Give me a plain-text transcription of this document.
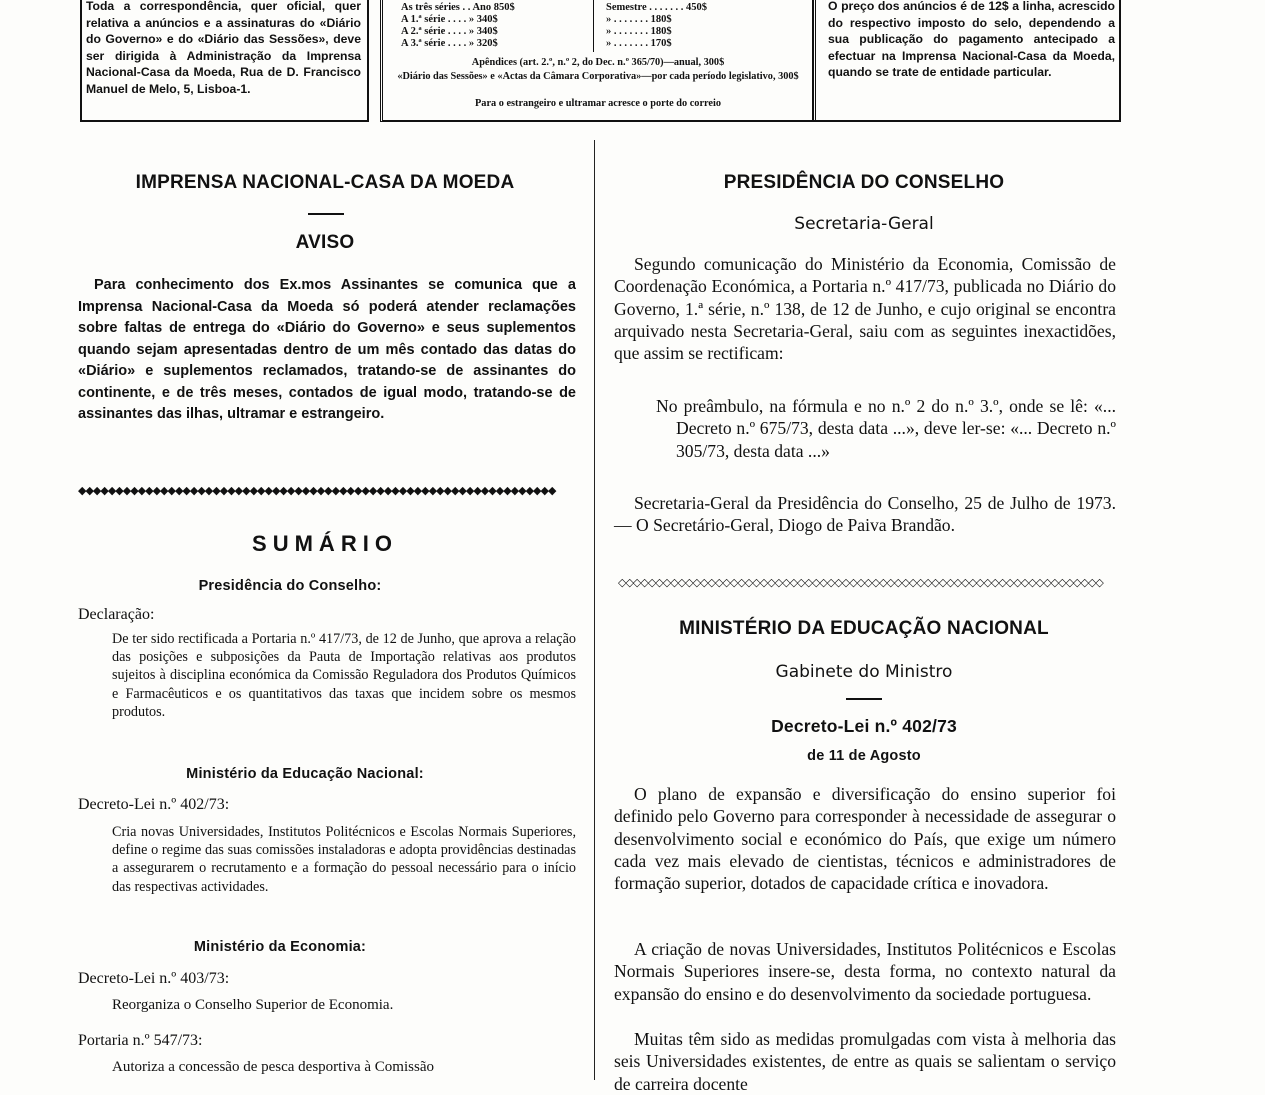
Toda a correspondência, quer oficial, quer relativa a anúncios e a assinaturas do «Diário do Governo» e do «Diário das Sessões», deve ser dirigida à Administração da Imprensa Nacional-Casa da Moeda, Rua de D. Francisco Manuel de Melo, 5, Lisboa-1.

As três séries . . Ano 850$	Semestre . . . . . . . 450$
A 1.ª série . . . . » 340$	» . . . . . . . 180$
A 2.ª série . . . . » 340$	» . . . . . . . 180$
A 3.ª série . . . . » 320$	» . . . . . . . 170$
Apêndices (art. 2.º, n.º 2, do Dec. n.º 365/70)—anual, 300$
«Diário das Sessões» e «Actas da Câmara Corporativa»—por cada período legislativo, 300$
Para o estrangeiro e ultramar acresce o porte do correio

O preço dos anúncios é de 12$ a linha, acrescido do respectivo imposto do selo, dependendo a sua publicação do pagamento antecipado a efectuar na Imprensa Nacional-Casa da Moeda, quando se trate de entidade particular.

IMPRENSA NACIONAL-CASA DA MOEDA
AVISO
Para conhecimento dos Ex.mos Assinantes se comunica que a Imprensa Nacional-Casa da Moeda só poderá atender reclamações sobre faltas de entrega do «Diário do Governo» e seus suplementos quando sejam apresentadas dentro de um mês contado das datas do «Diário» e suplementos reclamados, tratando-se de assinantes do continente, e de três meses, contados de igual modo, tratando-se de assinantes das ilhas, ultramar e estrangeiro.
◆◆◆◆◆◆◆◆◆◆◆◆◆◆◆◆◆◆◆◆◆◆◆◆◆◆◆◆◆◆◆◆◆◆◆◆◆◆◆◆◆◆◆◆◆◆◆◆◆◆◆◆◆◆◆◆◆◆◆◆◆◆◆◆
SUMÁRIO
Presidência do Conselho:
Declaração:
De ter sido rectificada a Portaria n.º 417/73, de 12 de Junho, que aprova a relação das posições e subposições da Pauta de Importação relativas aos produtos sujeitos à disciplina económica da Comissão Reguladora dos Produtos Químicos e Farmacêuticos e os quantitativos das taxas que incidem sobre os mesmos produtos.
Ministério da Educação Nacional:
Decreto-Lei n.º 402/73:
Cria novas Universidades, Institutos Politécnicos e Escolas Normais Superiores, define o regime das suas comissões instaladoras e adopta providências destinadas a assegurarem o recrutamento e a formação do pessoal necessário para o início das respectivas actividades.
Ministério da Economia:
Decreto-Lei n.º 403/73:
Reorganiza o Conselho Superior de Economia.
Portaria n.º 547/73:
Autoriza a concessão de pesca desportiva à Comissão
PRESIDÊNCIA DO CONSELHO
Secretaria-Geral
Segundo comunicação do Ministério da Economia, Comissão de Coordenação Económica, a Portaria n.º 417/73, publicada no Diário do Governo, 1.ª série, n.º 138, de 12 de Junho, e cujo original se encontra arquivado nesta Secretaria-Geral, saiu com as seguintes inexactidões, que assim se rectificam:
No preâmbulo, na fórmula e no n.º 2 do n.º 3.º, onde se lê: «... Decreto n.º 675/73, desta data ...», deve ler-se: «... Decreto n.º 305/73, desta data ...»
Secretaria-Geral da Presidência do Conselho, 25 de Julho de 1973. — O Secretário-Geral, Diogo de Paiva Brandão.
◇◇◇◇◇◇◇◇◇◇◇◇◇◇◇◇◇◇◇◇◇◇◇◇◇◇◇◇◇◇◇◇◇◇◇◇◇◇◇◇◇◇◇◇◇◇◇◇◇◇◇◇◇◇◇◇◇◇◇◇◇◇◇◇◇
MINISTÉRIO DA EDUCAÇÃO NACIONAL
Gabinete do Ministro
Decreto-Lei n.º 402/73
de 11 de Agosto
O plano de expansão e diversificação do ensino superior foi definido pelo Governo para corresponder à necessidade de assegurar o desenvolvimento social e económico do País, que exige um número cada vez mais elevado de cientistas, técnicos e administradores de formação superior, dotados de capacidade crítica e inovadora.
A criação de novas Universidades, Institutos Politécnicos e Escolas Normais Superiores insere-se, desta forma, no contexto natural da expansão do ensino e do desenvolvimento da sociedade portuguesa.
Muitas têm sido as medidas promulgadas com vista à melhoria das seis Universidades existentes, de entre as quais se salientam o serviço de carreira docente
